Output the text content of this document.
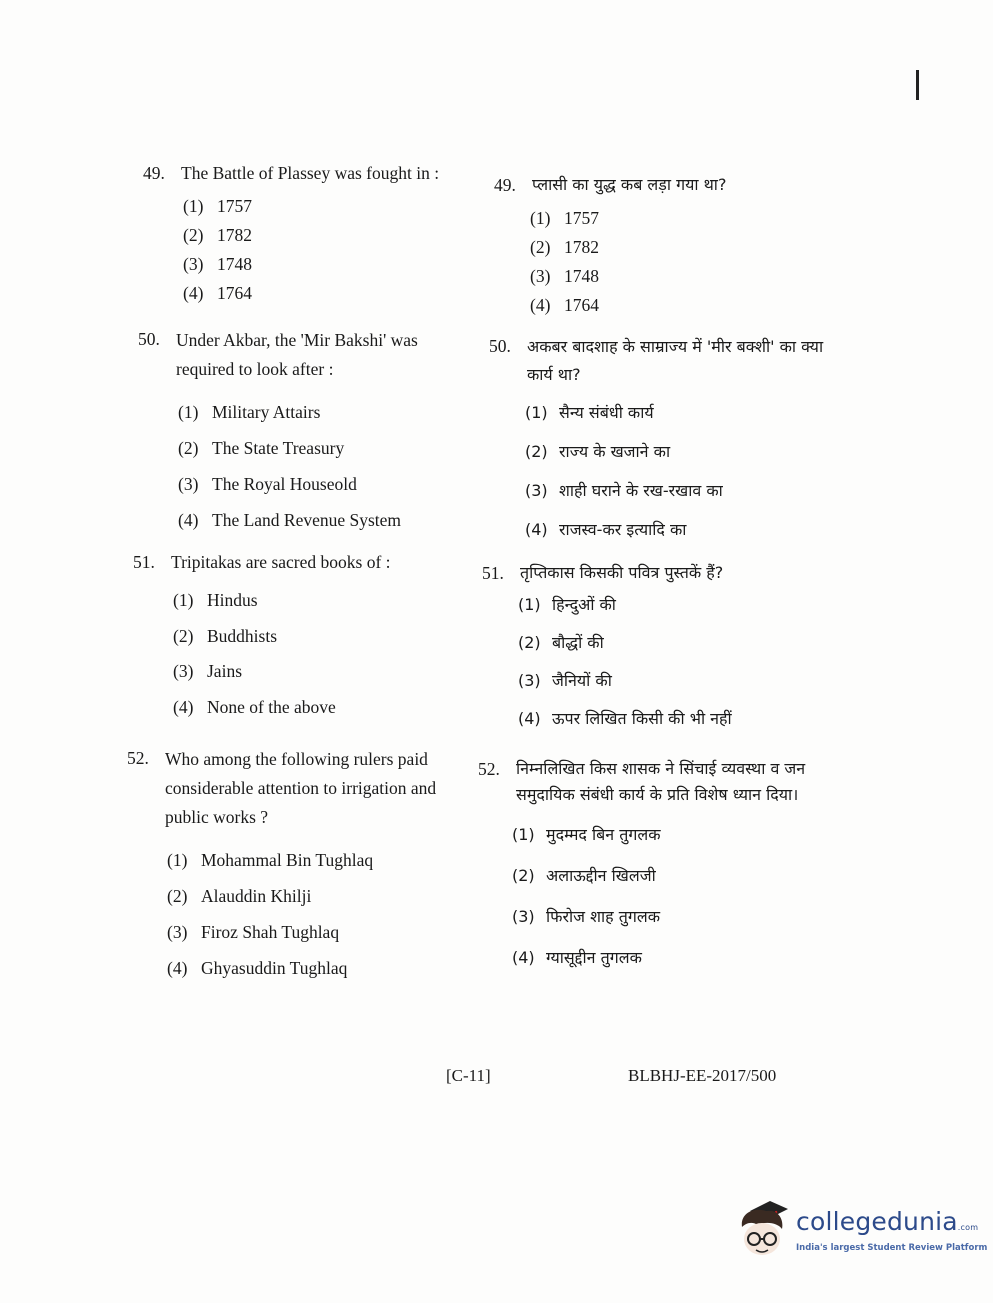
49. The Battle of Plassey was fought in :
(1) 1757
(2) 1782
(3) 1748
(4) 1764
50. Under Akbar, the 'Mir Bakshi' was required to look after :
(1) Military Attairs
(2) The State Treasury
(3) The Royal Houseold
(4) The Land Revenue System
51. Tripitakas are sacred books of :
(1) Hindus
(2) Buddhists
(3) Jains
(4) None of the above
52. Who among the following rulers paid considerable attention to irrigation and public works ?
(1) Mohammal Bin Tughlaq
(2) Alauddin Khilji
(3) Firoz Shah Tughlaq
(4) Ghyasuddin Tughlaq
49.	प्लासी का युद्ध कब लड़ा गया था?
(1) 1757
(2) 1782
(3) 1748
(4) 1764
50.	अकबर बादशाह के साम्राज्य में 'मीर बक्शी' का क्या कार्य था?
(1) सैन्य संबंधी कार्य
(2) राज्य के खजाने का
(3) शाही घराने के रख-रखाव का
(4) राजस्व-कर इत्यादि का
51.	तृप्तिकास किसकी पवित्र पुस्तकें हैं?
(1) हिन्दुओं की
(2) बौद्धों की
(3) जैनियों की
(4) ऊपर लिखित किसी की भी नहीं
52.	निम्नलिखित किस शासक ने सिंचाई व्यवस्था व जन समुदायिक संबंधी कार्य के प्रति विशेष ध्यान दिया।
(1) मुदम्मद बिन तुगलक
(2) अलाऊद्दीन खिलजी
(3) फिरोज शाह तुगलक
(4) ग्यासूद्दीन तुगलक
[C-11]	BLBHJ-EE-2017/500
collegedunia.com
India's largest Student Review Platform
